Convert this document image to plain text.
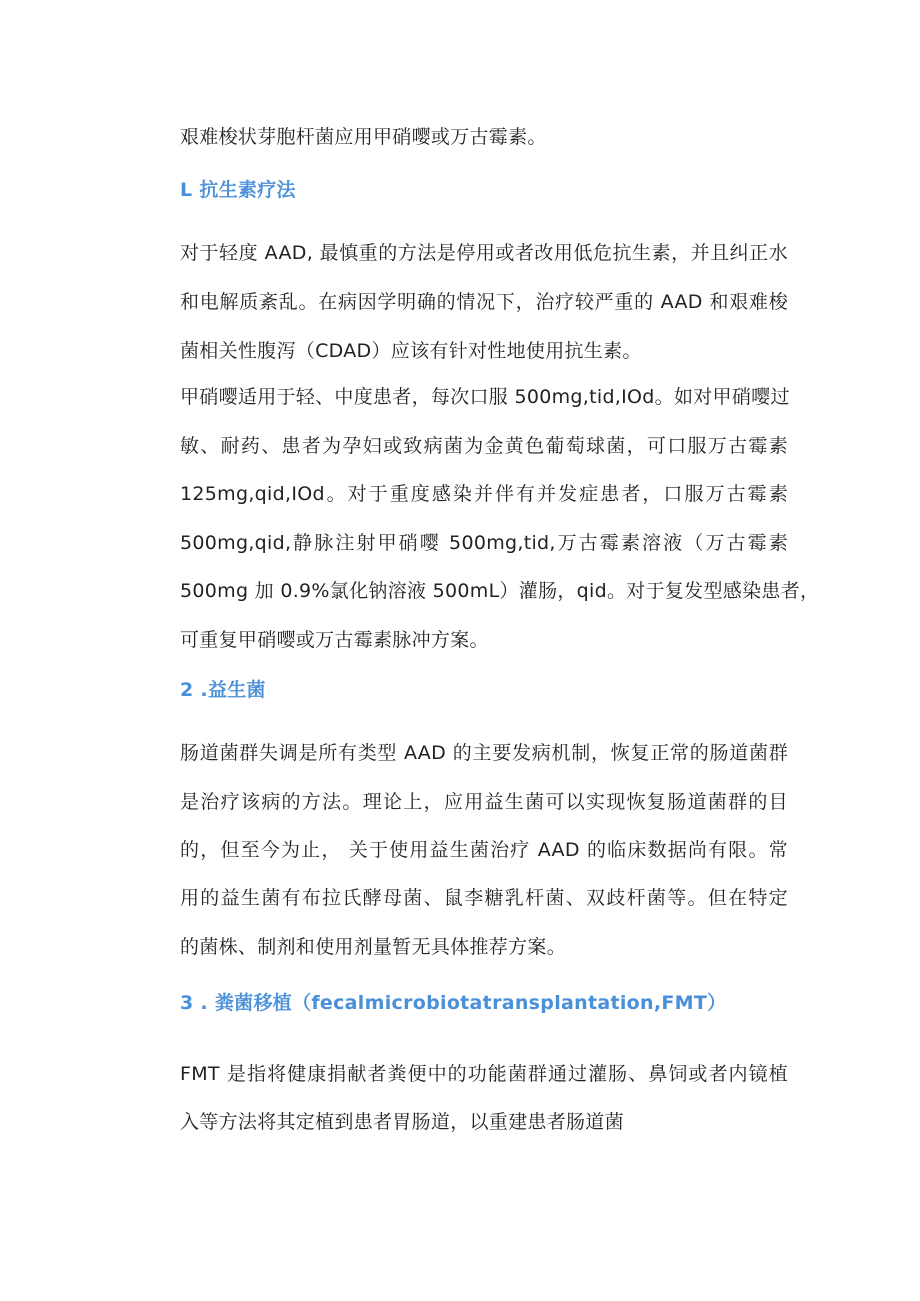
艰难梭状芽胞杆菌应用甲硝嘤或万古霉素。

L 抗生素疗法

对于轻度 AAD, 最慎重的方法是停用或者改用低危抗生素，并且纠正水

和电解质紊乱。在病因学明确的情况下，治疗较严重的 AAD 和艰难梭

菌相关性腹泻（CDAD）应该有针对性地使用抗生素。

甲硝嘤适用于轻、中度患者，每次口服 500mg,tid,IOd。如对甲硝嘤过

敏、耐药、患者为孕妇或致病菌为金黄色葡萄球菌，可口服万古霉素

125mg,qid,IOd。对于重度感染并伴有并发症患者，口服万古霉素

500mg,qid,静脉注射甲硝嘤 500mg,tid,万古霉素溶液（万古霉素

500mg 加 0.9%氯化钠溶液 500mL）灌肠，qid。对于复发型感染患者，

可重复甲硝嘤或万古霉素脉冲方案。

2 .益生菌

肠道菌群失调是所有类型 AAD 的主要发病机制，恢复正常的肠道菌群

是治疗该病的方法。理论上，应用益生菌可以实现恢复肠道菌群的目

的，但至今为止， 关于使用益生菌治疗 AAD 的临床数据尚有限。常

用的益生菌有布拉氏酵母菌、鼠李糖乳杆菌、双歧杆菌等。但在特定

的菌株、制剂和使用剂量暂无具体推荐方案。

3 . 粪菌移植（fecalmicrobiotatransplantation,FMT）

FMT 是指将健康捐献者粪便中的功能菌群通过灌肠、鼻饲或者内镜植

入等方法将其定植到患者胃肠道，以重建患者肠道菌
